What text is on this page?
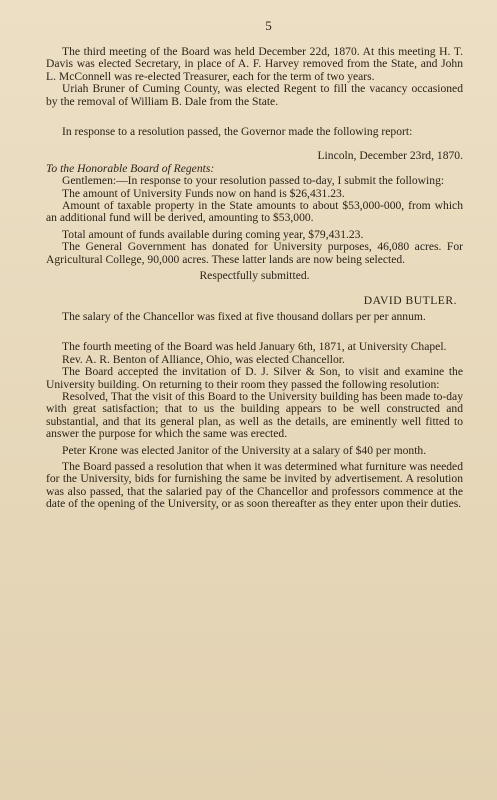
5

The third meeting of the Board was held December 22d, 1870. At this meeting H. T. Davis was elected Secretary, in place of A. F. Harvey removed from the State, and John L. McConnell was re-elected Treasurer, each for the term of two years.

Uriah Bruner of Cuming County, was elected Regent to fill the vacancy occasioned by the removal of William B. Dale from the State.

In response to a resolution passed, the Governor made the following report:

Lincoln, December 23rd, 1870.

To the Honorable Board of Regents:

Gentlemen:—In response to your resolution passed to-day, I submit the following:

The amount of University Funds now on hand is $26,431.23.

Amount of taxable property in the State amounts to about $53,000-000, from which an additional fund will be derived, amounting to $53,000.

Total amount of funds available during coming year, $79,431.23.

The General Government has donated for University purposes, 46,080 acres. For Agricultural College, 90,000 acres. These latter lands are now being selected.

Respectfully submitted.

DAVID BUTLER.

The salary of the Chancellor was fixed at five thousand dollars per per annum.

The fourth meeting of the Board was held January 6th, 1871, at University Chapel.

Rev. A. R. Benton of Alliance, Ohio, was elected Chancellor.

The Board accepted the invitation of D. J. Silver & Son, to visit and examine the University building. On returning to their room they passed the following resolution:

Resolved, That the visit of this Board to the University building has been made to-day with great satisfaction; that to us the building appears to be well constructed and substantial, and that its general plan, as well as the details, are eminently well fitted to answer the purpose for which the same was erected.

Peter Krone was elected Janitor of the University at a salary of $40 per month.

The Board passed a resolution that when it was determined what furniture was needed for the University, bids for furnishing the same be invited by advertisement. A resolution was also passed, that the salaried pay of the Chancellor and professors commence at the date of the opening of the University, or as soon thereafter as they enter upon their duties.
